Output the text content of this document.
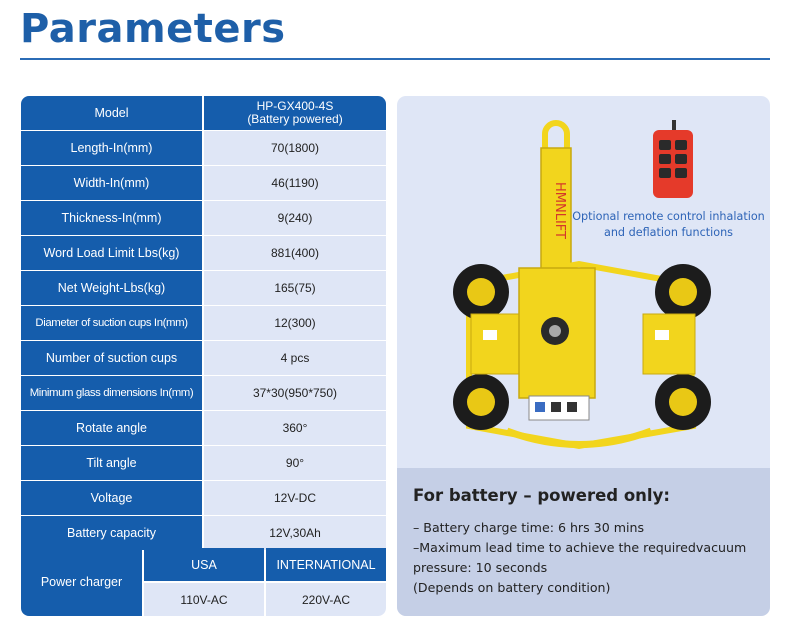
Parameters
Model	HP-GX400-4S
(Battery powered)
Length-In(mm)	70(1800)
Width-In(mm)	46(1190)
Thickness-In(mm)	9(240)
Word Load Limit Lbs(kg)	881(400)
Net Weight-Lbs(kg)	165(75)
Diameter of suction cups In(mm)	12(300)
Number of suction cups	4 pcs
Minimum glass dimensions In(mm)	37*30(950*750)
Rotate angle	360°
Tilt angle	90°
Voltage	12V-DC
Battery capacity	12V,30Ah
Power charger
USA	INTERNATIONAL
110V-AC	220V-AC
HMNLIFT Optional remote control inhalation and deflation functions
For battery – powered only:
– Battery charge time: 6 hrs 30 mins
–Maximum lead time to achieve the requiredvacuum
pressure: 10 seconds
(Depends on battery condition)
